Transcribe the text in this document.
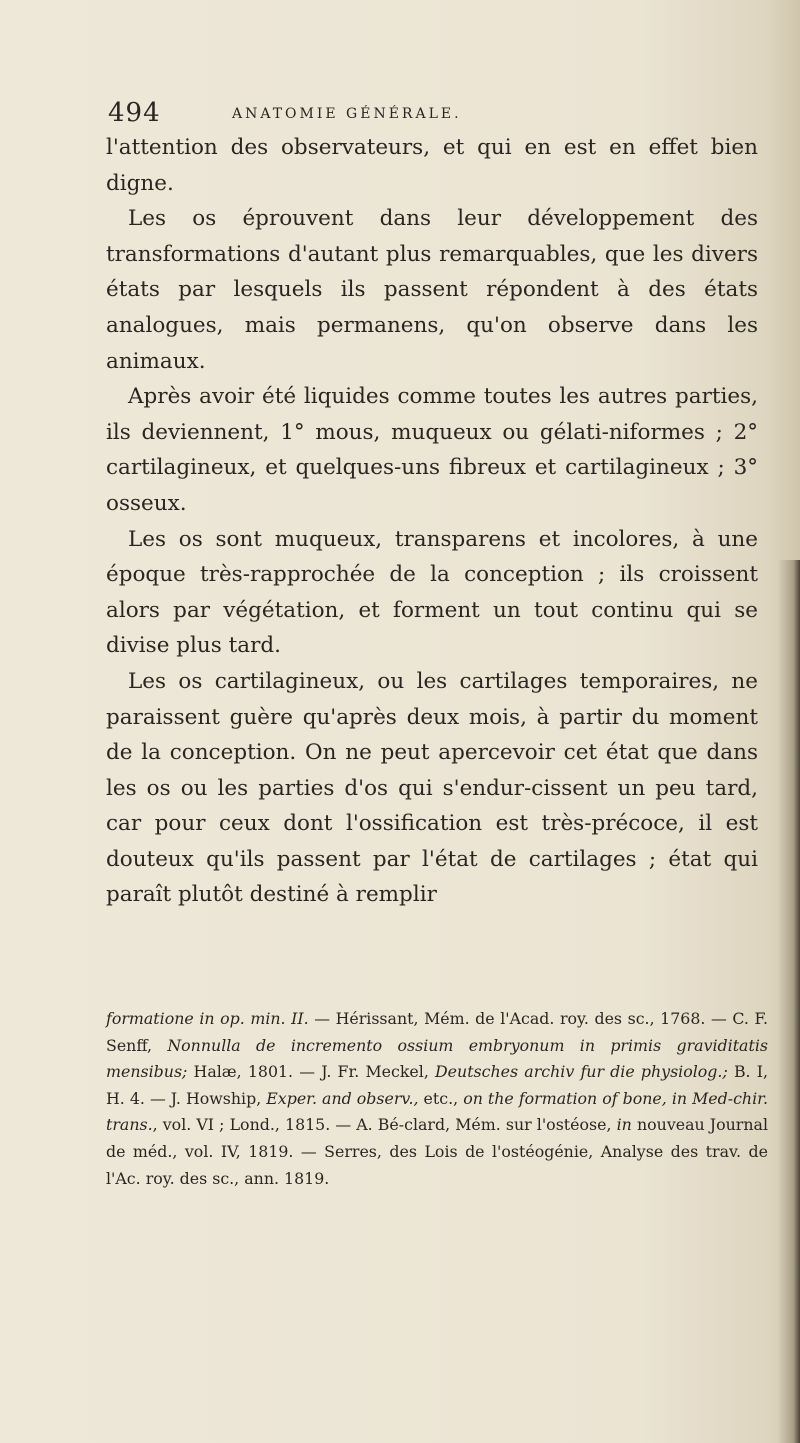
494	ANATOMIE GÉNÉRALE.

l'attention des observateurs, et qui en est en effet bien digne.

Les os éprouvent dans leur développement des transformations d'autant plus remarquables, que les divers états par lesquels ils passent répondent à des états analogues, mais permanens, qu'on observe dans les animaux.

Après avoir été liquides comme toutes les autres parties, ils deviennent, 1° mous, muqueux ou gélati-niformes ; 2° cartilagineux, et quelques-uns fibreux et cartilagineux ; 3° osseux.

Les os sont muqueux, transparens et incolores, à une époque très-rapprochée de la conception ; ils croissent alors par végétation, et forment un tout continu qui se divise plus tard.

Les os cartilagineux, ou les cartilages temporaires, ne paraissent guère qu'après deux mois, à partir du moment de la conception. On ne peut apercevoir cet état que dans les os ou les parties d'os qui s'endur-cissent un peu tard, car pour ceux dont l'ossification est très-précoce, il est douteux qu'ils passent par l'état de cartilages ; état qui paraît plutôt destiné à remplir

formatione in op. min. II. — Hérissant, Mém. de l'Acad. roy. des sc., 1768. — C. F. Senff, Nonnulla de incremento ossium embryonum in primis graviditatis mensibus; Halæ, 1801. — J. Fr. Meckel, Deutsches archiv fur die physiolog.; B. I, H. 4. — J. Howship, Exper. and observ., etc., on the formation of bone, in Med-chir. trans., vol. VI ; Lond., 1815. — A. Bé-clard, Mém. sur l'ostéose, in nouveau Journal de méd., vol. IV, 1819. — Serres, des Lois de l'ostéogénie, Analyse des trav. de l'Ac. roy. des sc., ann. 1819.
